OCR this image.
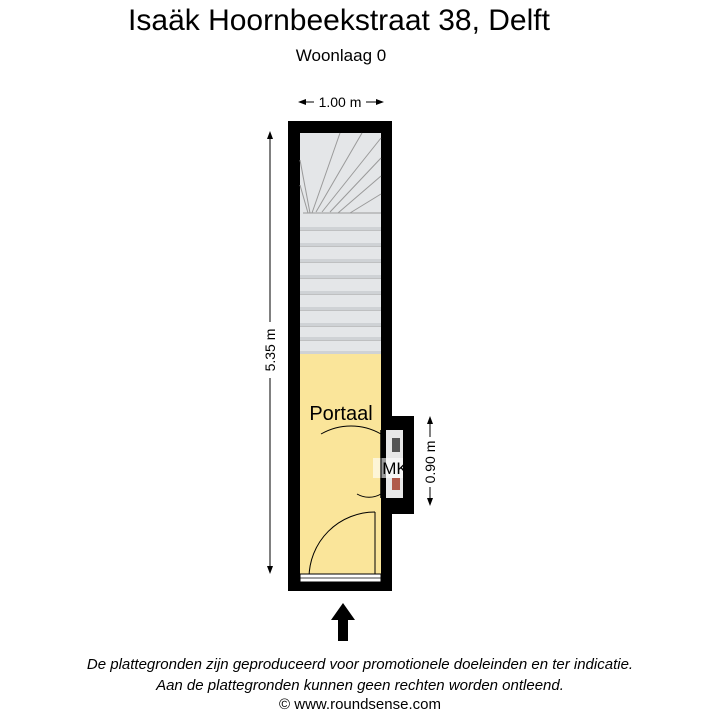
Isaäk Hoornbeekstraat 38, Delft
Woonlaag 0
1.00 m
5.35 m
MK 0.90 m
Portaal
De plattegronden zijn geproduceerd voor promotionele doeleinden en ter indicatie.
Aan de plattegronden kunnen geen rechten worden ontleend.
© www.roundsense.com
